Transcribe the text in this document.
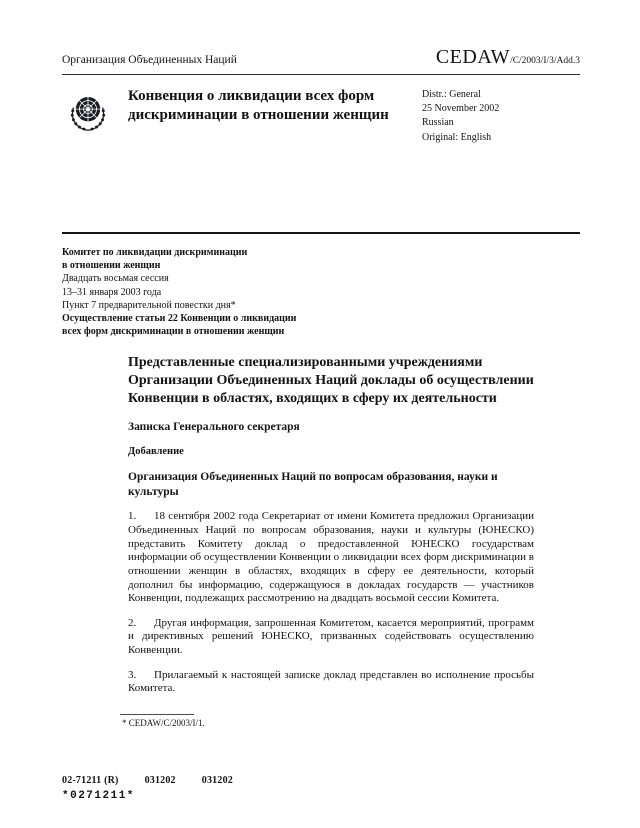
Организация Объединенных Наций	CEDAW/C/2003/I/3/Add.3
Конвенция о ликвидации всех форм дискриминации в отношении женщин
Distr.: General
25 November 2002
Russian
Original: English
Комитет по ликвидации дискриминации
в отношении женщин
Двадцать восьмая сессия
13–31 января 2003 года
Пункт 7 предварительной повестки дня*
Осуществление статьи 22 Конвенции о ликвидации
всех форм дискриминации в отношении женщин
Представленные специализированными учреждениями Организации Объединенных Наций доклады об осуществлении Конвенции в областях, входящих в сферу их деятельности
Записка Генерального секретаря
Добавление
Организация Объединенных Наций по вопросам образования, науки и культуры

1. 18 сентября 2002 года Секретариат от имени Комитета предложил Организации Объединенных Наций по вопросам образования, науки и культуры (ЮНЕСКО) представить Комитету доклад о предоставленной ЮНЕСКО государствам информации об осуществлении Конвенции о ликвидации всех форм дискриминации в отношении женщин в областях, входящих в сферу ее деятельности, который дополнил бы информацию, содержащуюся в докладах государств — участников Конвенции, подлежащих рассмотрению на двадцать восьмой сессии Комитета.

2. Другая информация, запрошенная Комитетом, касается мероприятий, программ и директивных решений ЮНЕСКО, призванных содействовать осуществлению Конвенции.

3. Прилагаемый к настоящей записке доклад представлен во исполнение просьбы Комитета.

* CEDAW/C/2003/I/1.
02-71211 (R)	031202	031202
*0271211*
